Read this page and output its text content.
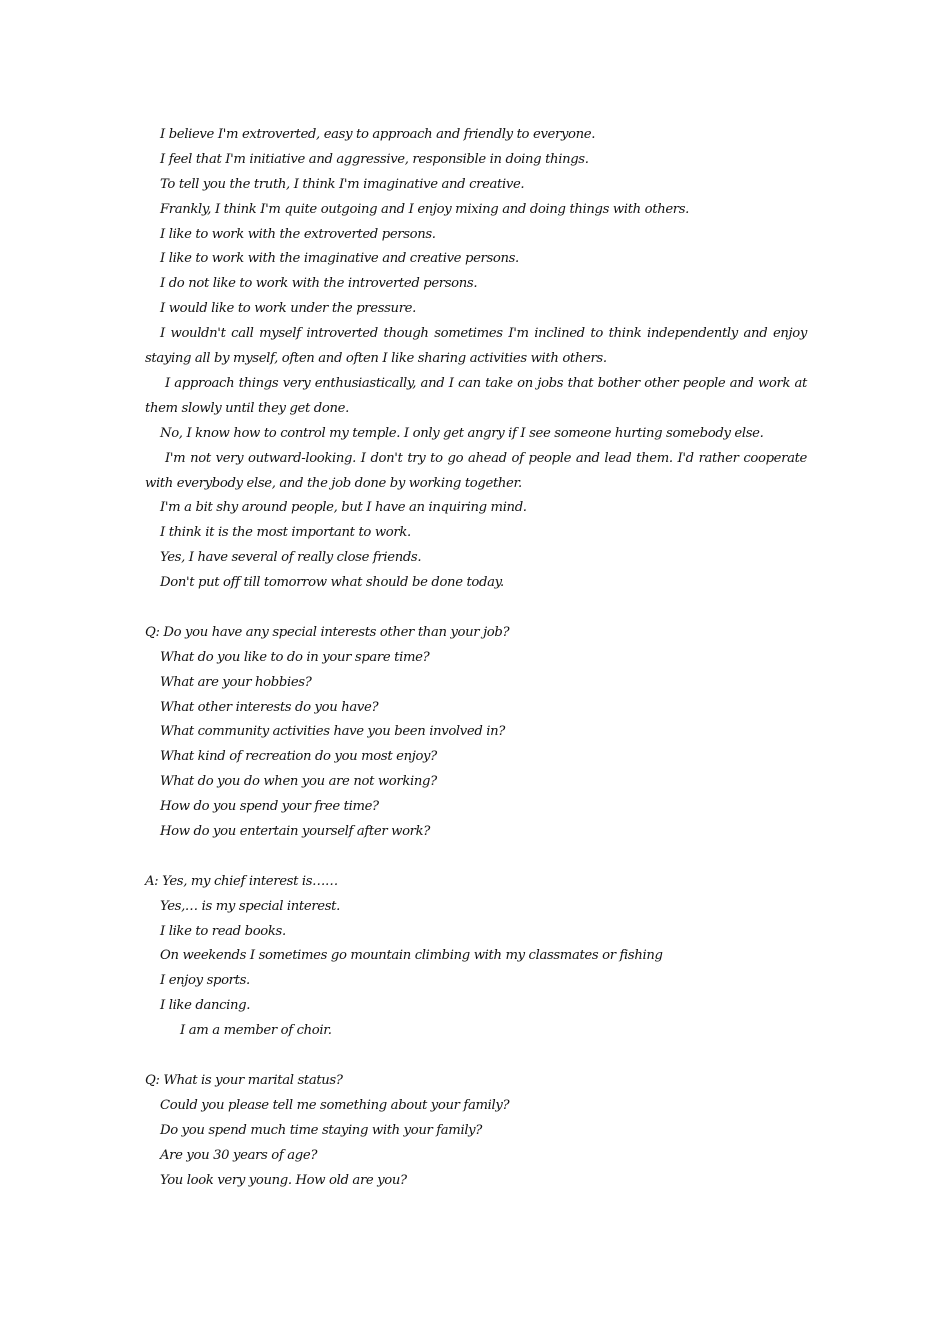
I believe I'm extroverted, easy to approach and friendly to everyone.
I feel that I'm initiative and aggressive, responsible in doing things.
To tell you the truth, I think I'm imaginative and creative.
Frankly, I think I'm quite outgoing and I enjoy mixing and doing things with others.
I like to work with the extroverted persons.
I like to work with the imaginative and creative persons.
I do not like to work with the introverted persons.
I would like to work under the pressure.
I wouldn't call myself introverted though sometimes I'm inclined to think independently and enjoy staying all by myself, often and often I like sharing activities with others.
I approach things very enthusiastically, and I can take on jobs that bother other people and work at them slowly until they get done.
No, I know how to control my temple. I only get angry if I see someone hurting somebody else.
I'm not very outward-looking. I don't try to go ahead of people and lead them. I'd rather cooperate with everybody else, and the job done by working together.
I'm a bit shy around people, but I have an inquiring mind.
I think it is the most important to work.
Yes, I have several of really close friends.
Don't put off till tomorrow what should be done today.
Q: Do you have any special interests other than your job?
What do you like to do in your spare time?
What are your hobbies?
What other interests do you have?
What community activities have you been involved in?
What kind of recreation do you most enjoy?
What do you do when you are not working?
How do you spend your free time?
How do you entertain yourself after work?
A: Yes, my chief interest is……
Yes,… is my special interest.
I like to read books.
On weekends I sometimes go mountain climbing with my classmates or fishing
I enjoy sports.
I like dancing.
I am a member of choir.
Q: What is your marital status?
Could you please tell me something about your family?
Do you spend much time staying with your family?
Are you 30 years of age?
You look very young. How old are you?
